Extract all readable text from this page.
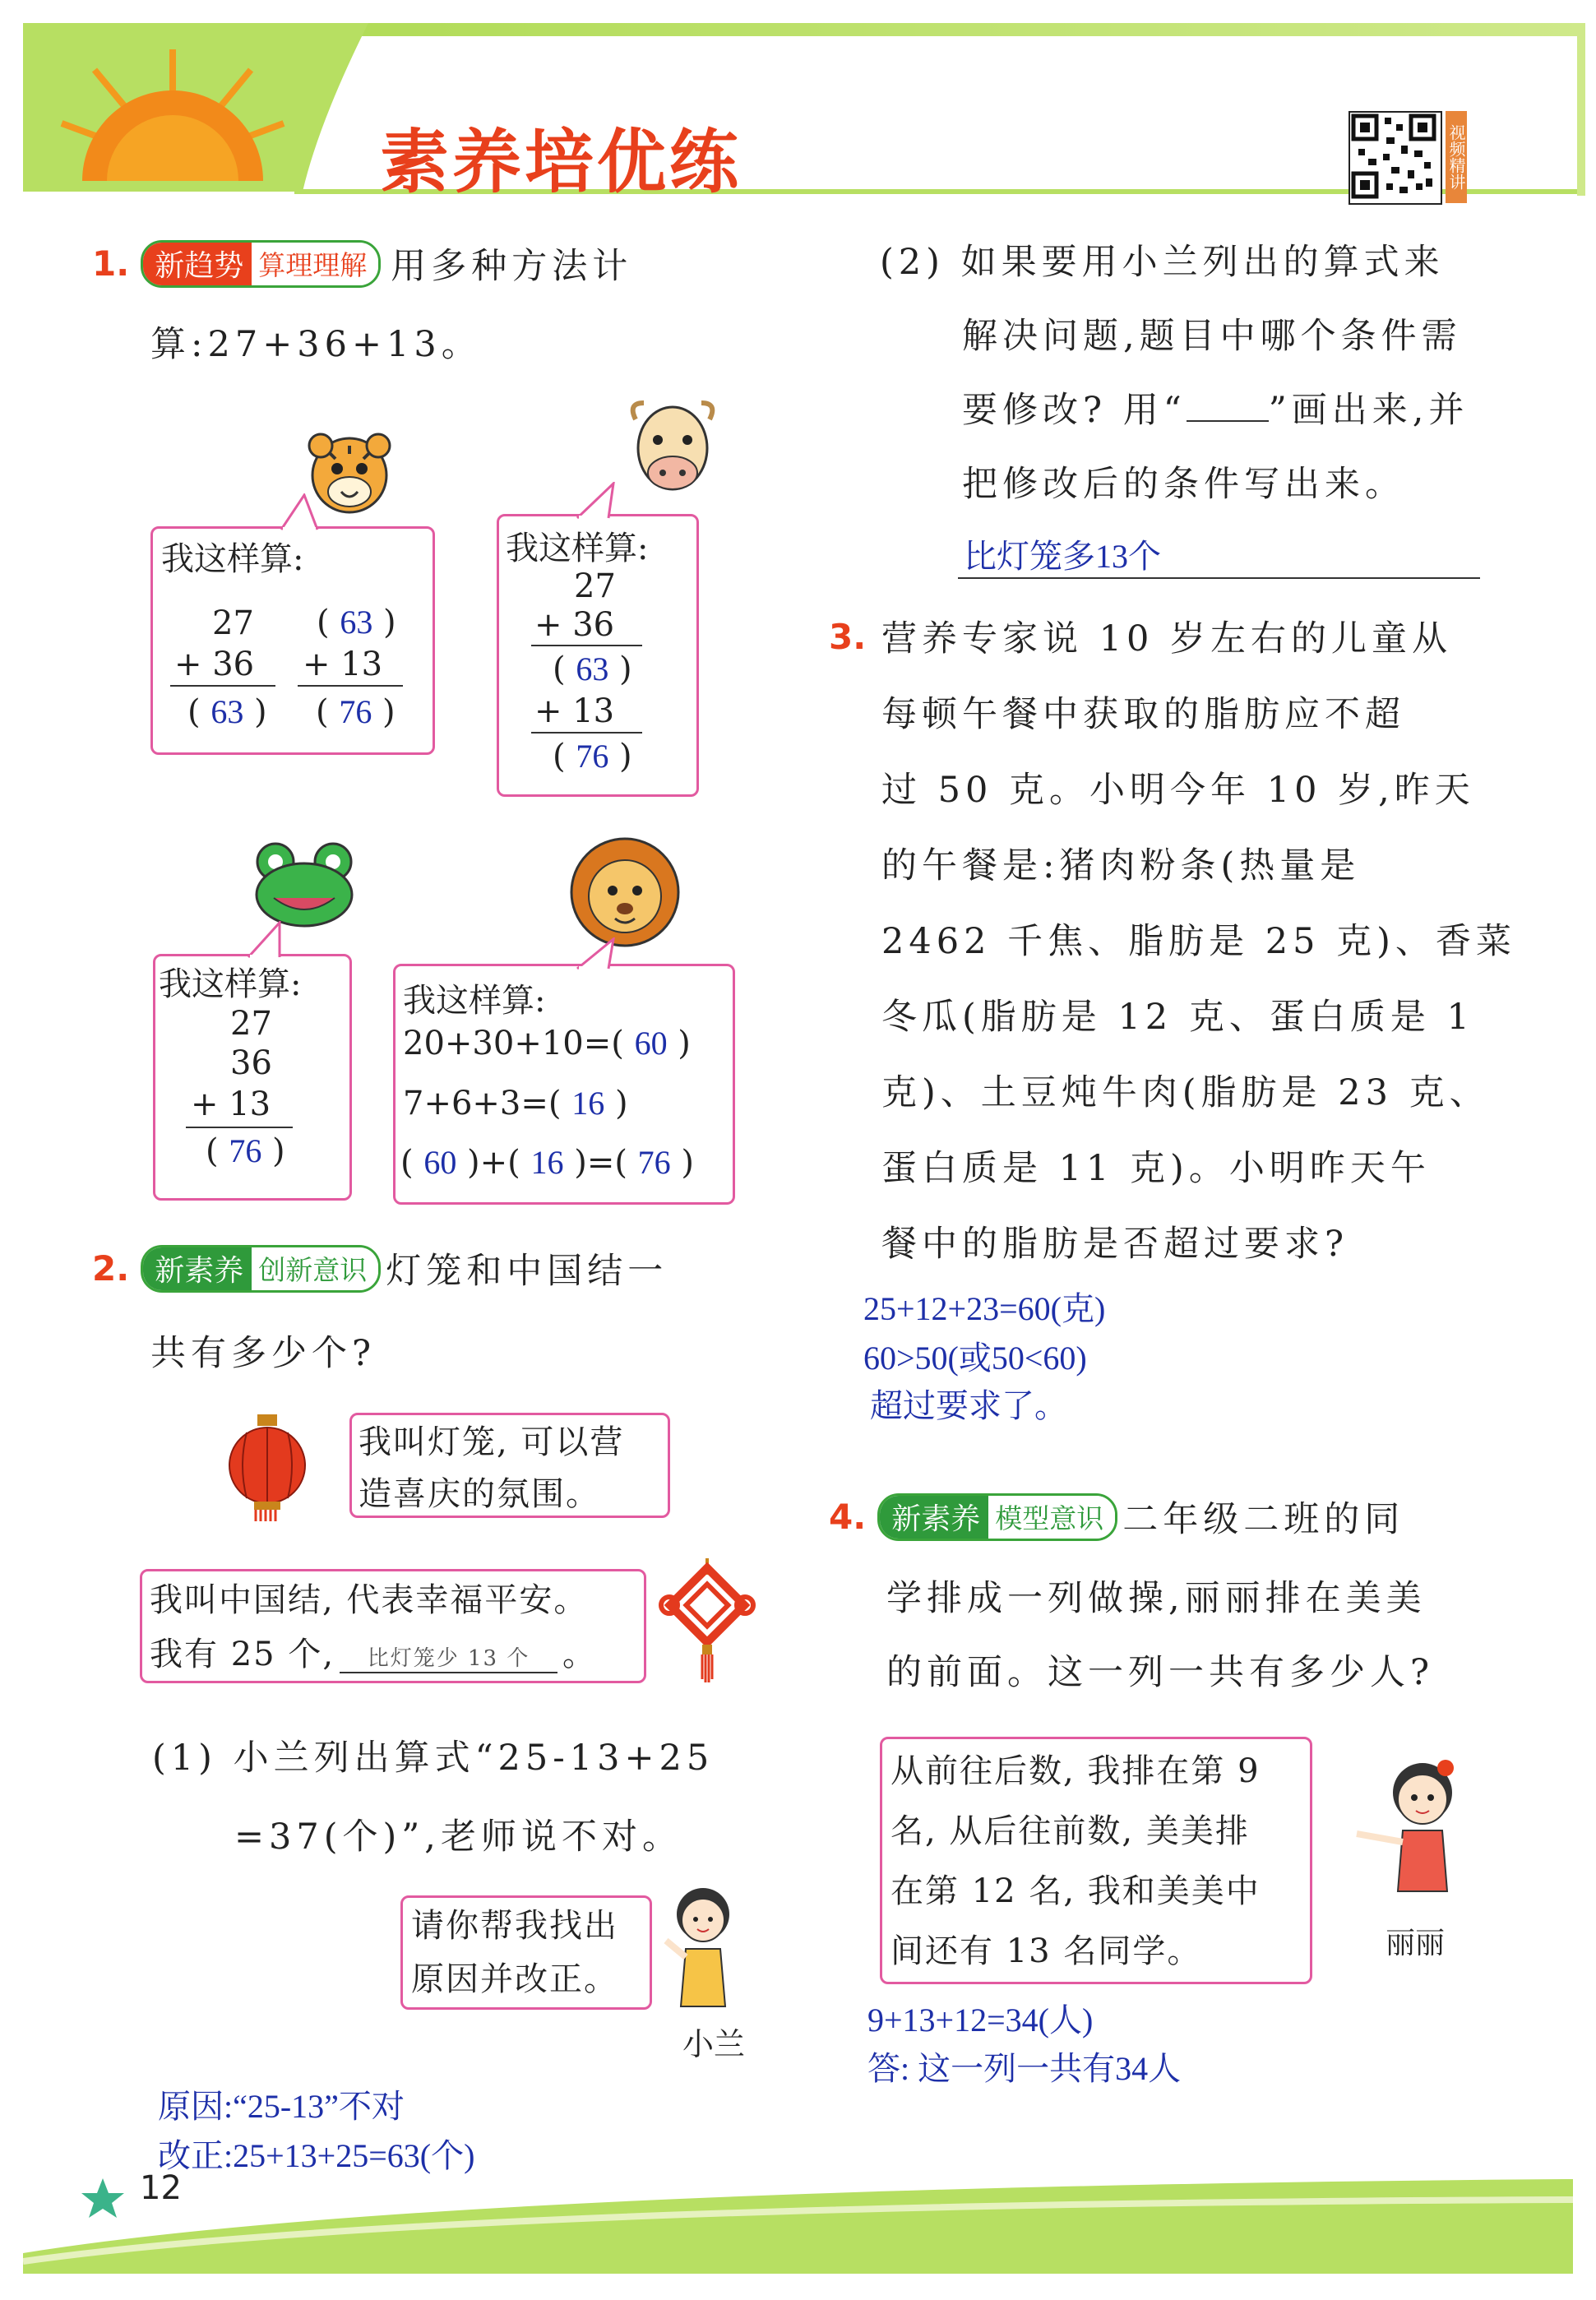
素养培优练	视频精讲
1. 新趋势 算理理解 用多种方法计
算:27+36+13。
我这样算:
27
+ 36
( 63 )
( 63 )
+ 13
( 76 )
我这样算:
27
+ 36
( 63 )
+ 13
( 76 )
我这样算:
27
36
+ 13
( 76 )
我这样算:
20+30+10=( 60 )
7+6+3=( 16 )
( 60 )+( 16 )=( 76 )
2. 新素养 创新意识 灯笼和中国结一
共有多少个?
我叫灯笼, 可以营
造喜庆的氛围。
我叫中国结, 代表幸福平安。
我有 25 个,	比灯笼少 13 个 。
(1) 小兰列出算式“25-13+25
=37(个)”,老师说不对。
请你帮我找出
原因并改正。
小兰
原因:“25-13”不对
改正:25+13+25=63(个)
(2) 如果要用小兰列出的算式来
解决问题,题目中哪个条件需
要修改? 用“ ”画出来,并
把修改后的条件写出来。
比灯笼多13个
3. 营养专家说 10 岁左右的儿童从
每顿午餐中获取的脂肪应不超
过 50 克。小明今年 10 岁,昨天
的午餐是:猪肉粉条(热量是
2462 千焦、脂肪是 25 克)、香菜
冬瓜(脂肪是 12 克、蛋白质是 1
克)、土豆炖牛肉(脂肪是 23 克、
蛋白质是 11 克)。小明昨天午
餐中的脂肪是否超过要求?
25+12+23=60(克)
60>50(或50<60)
超过要求了。
4. 新素养 模型意识 二年级二班的同
学排成一列做操,丽丽排在美美
的前面。这一列一共有多少人?
从前往后数, 我排在第 9
名, 从后往前数, 美美排
在第 12 名, 我和美美中
间还有 13 名同学。	丽丽
9+13+12=34(人)
答: 这一列一共有34人
12
